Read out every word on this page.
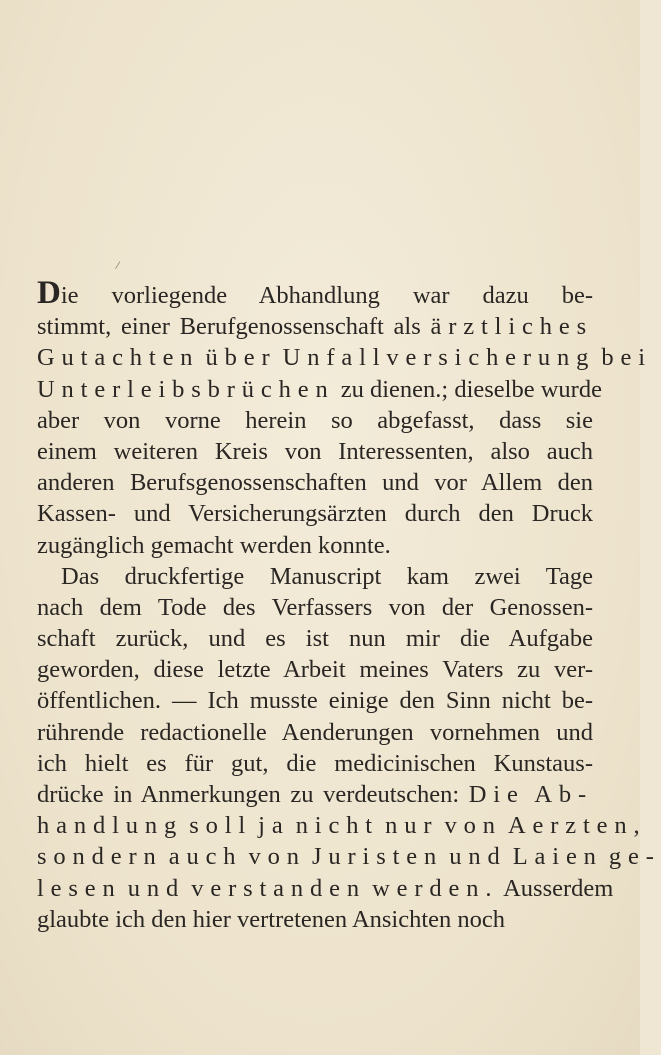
/
Die vorliegende Abhandlung war dazu be-
stimmt, einer Berufgenossenschaft als ärztliches
Gutachten über Unfallversicherung bei
Unterleibsbrüchen zu dienen.; dieselbe wurde
aber von vorne herein so abgefasst, dass sie
einem weiteren Kreis von Interessenten, also auch
anderen Berufsgenossenschaften und vor Allem den
Kassen- und Versicherungsärzten durch den Druck
zugänglich gemacht werden konnte.
Das druckfertige Manuscript kam zwei Tage
nach dem Tode des Verfassers von der Genossen-
schaft zurück, und es ist nun mir die Aufgabe
geworden, diese letzte Arbeit meines Vaters zu ver-
öffentlichen. — Ich musste einige den Sinn nicht be-
rührende redactionelle Aenderungen vornehmen und
ich hielt es für gut, die medicinischen Kunstaus-
drücke in Anmerkungen zu verdeutschen: Die Ab-
handlung soll ja nicht nur von Aerzten,
sondern auch von Juristen und Laien ge-
lesen und verstanden werden. Ausserdem
glaubte ich den hier vertretenen Ansichten noch
